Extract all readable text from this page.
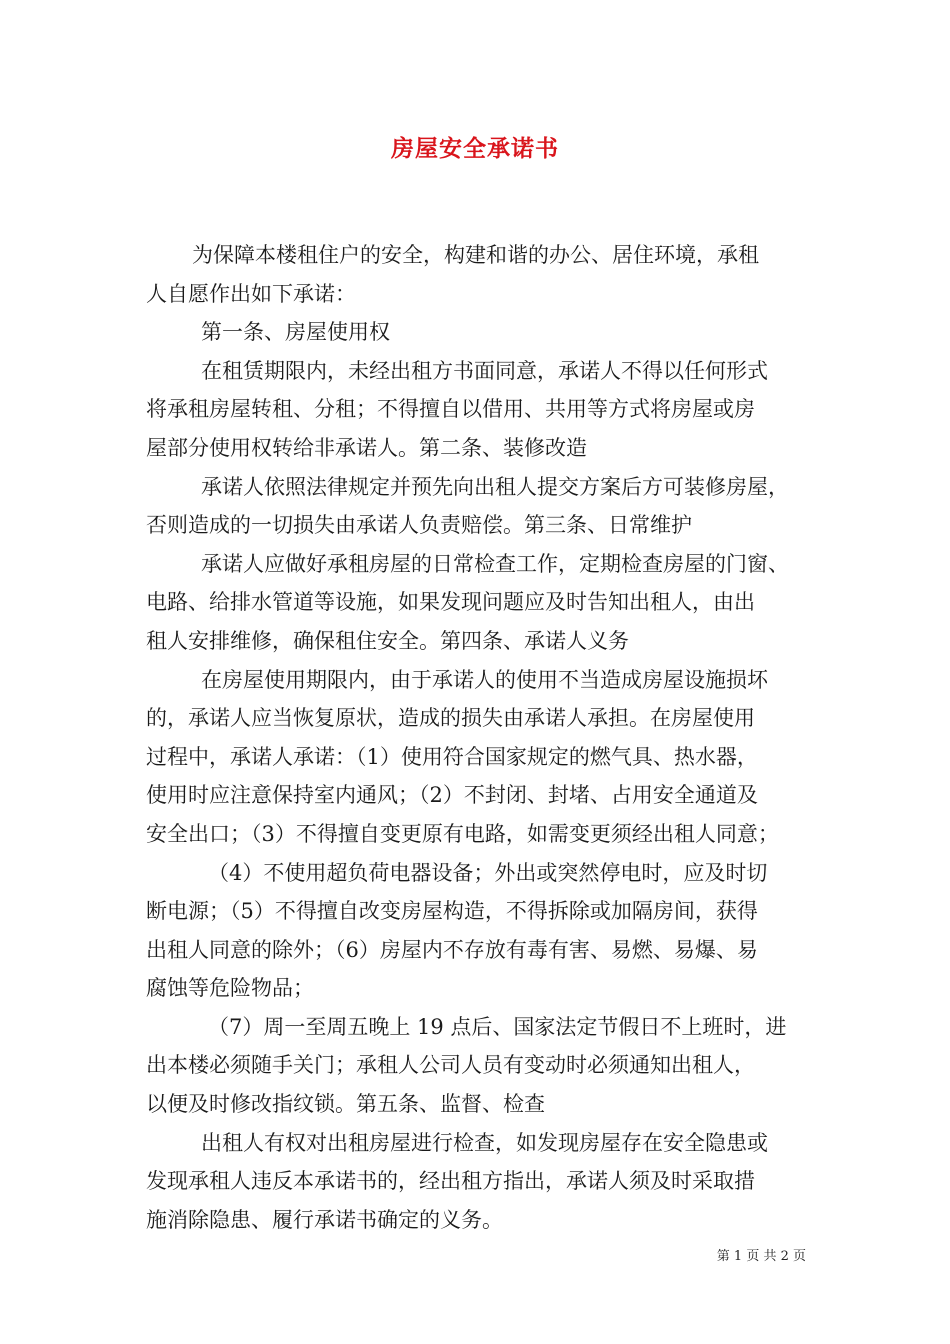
房屋安全承诺书

为保障本楼租住户的安全，构建和谐的办公、居住环境，承租

人自愿作出如下承诺：

第一条、房屋使用权

在租赁期限内，未经出租方书面同意，承诺人不得以任何形式

将承租房屋转租、分租；不得擅自以借用、共用等方式将房屋或房

屋部分使用权转给非承诺人。第二条、装修改造

承诺人依照法律规定并预先向出租人提交方案后方可装修房屋，

否则造成的一切损失由承诺人负责赔偿。第三条、日常维护

承诺人应做好承租房屋的日常检查工作，定期检查房屋的门窗、

电路、给排水管道等设施，如果发现问题应及时告知出租人，由出

租人安排维修，确保租住安全。第四条、承诺人义务

在房屋使用期限内，由于承诺人的使用不当造成房屋设施损坏

的，承诺人应当恢复原状，造成的损失由承诺人承担。在房屋使用

过程中，承诺人承诺：（1）使用符合国家规定的燃气具、热水器，

使用时应注意保持室内通风；（2）不封闭、封堵、占用安全通道及

安全出口；（3）不得擅自变更原有电路，如需变更须经出租人同意；

（4）不使用超负荷电器设备；外出或突然停电时，应及时切

断电源；（5）不得擅自改变房屋构造，不得拆除或加隔房间，获得

出租人同意的除外；（6）房屋内不存放有毒有害、易燃、易爆、易

腐蚀等危险物品；

（7）周一至周五晚上 19 点后、国家法定节假日不上班时，进

出本楼必须随手关门；承租人公司人员有变动时必须通知出租人，

以便及时修改指纹锁。第五条、监督、检查

出租人有权对出租房屋进行检查，如发现房屋存在安全隐患或

发现承租人违反本承诺书的，经出租方指出，承诺人须及时采取措

施消除隐患、履行承诺书确定的义务。

第 1 页 共 2 页
